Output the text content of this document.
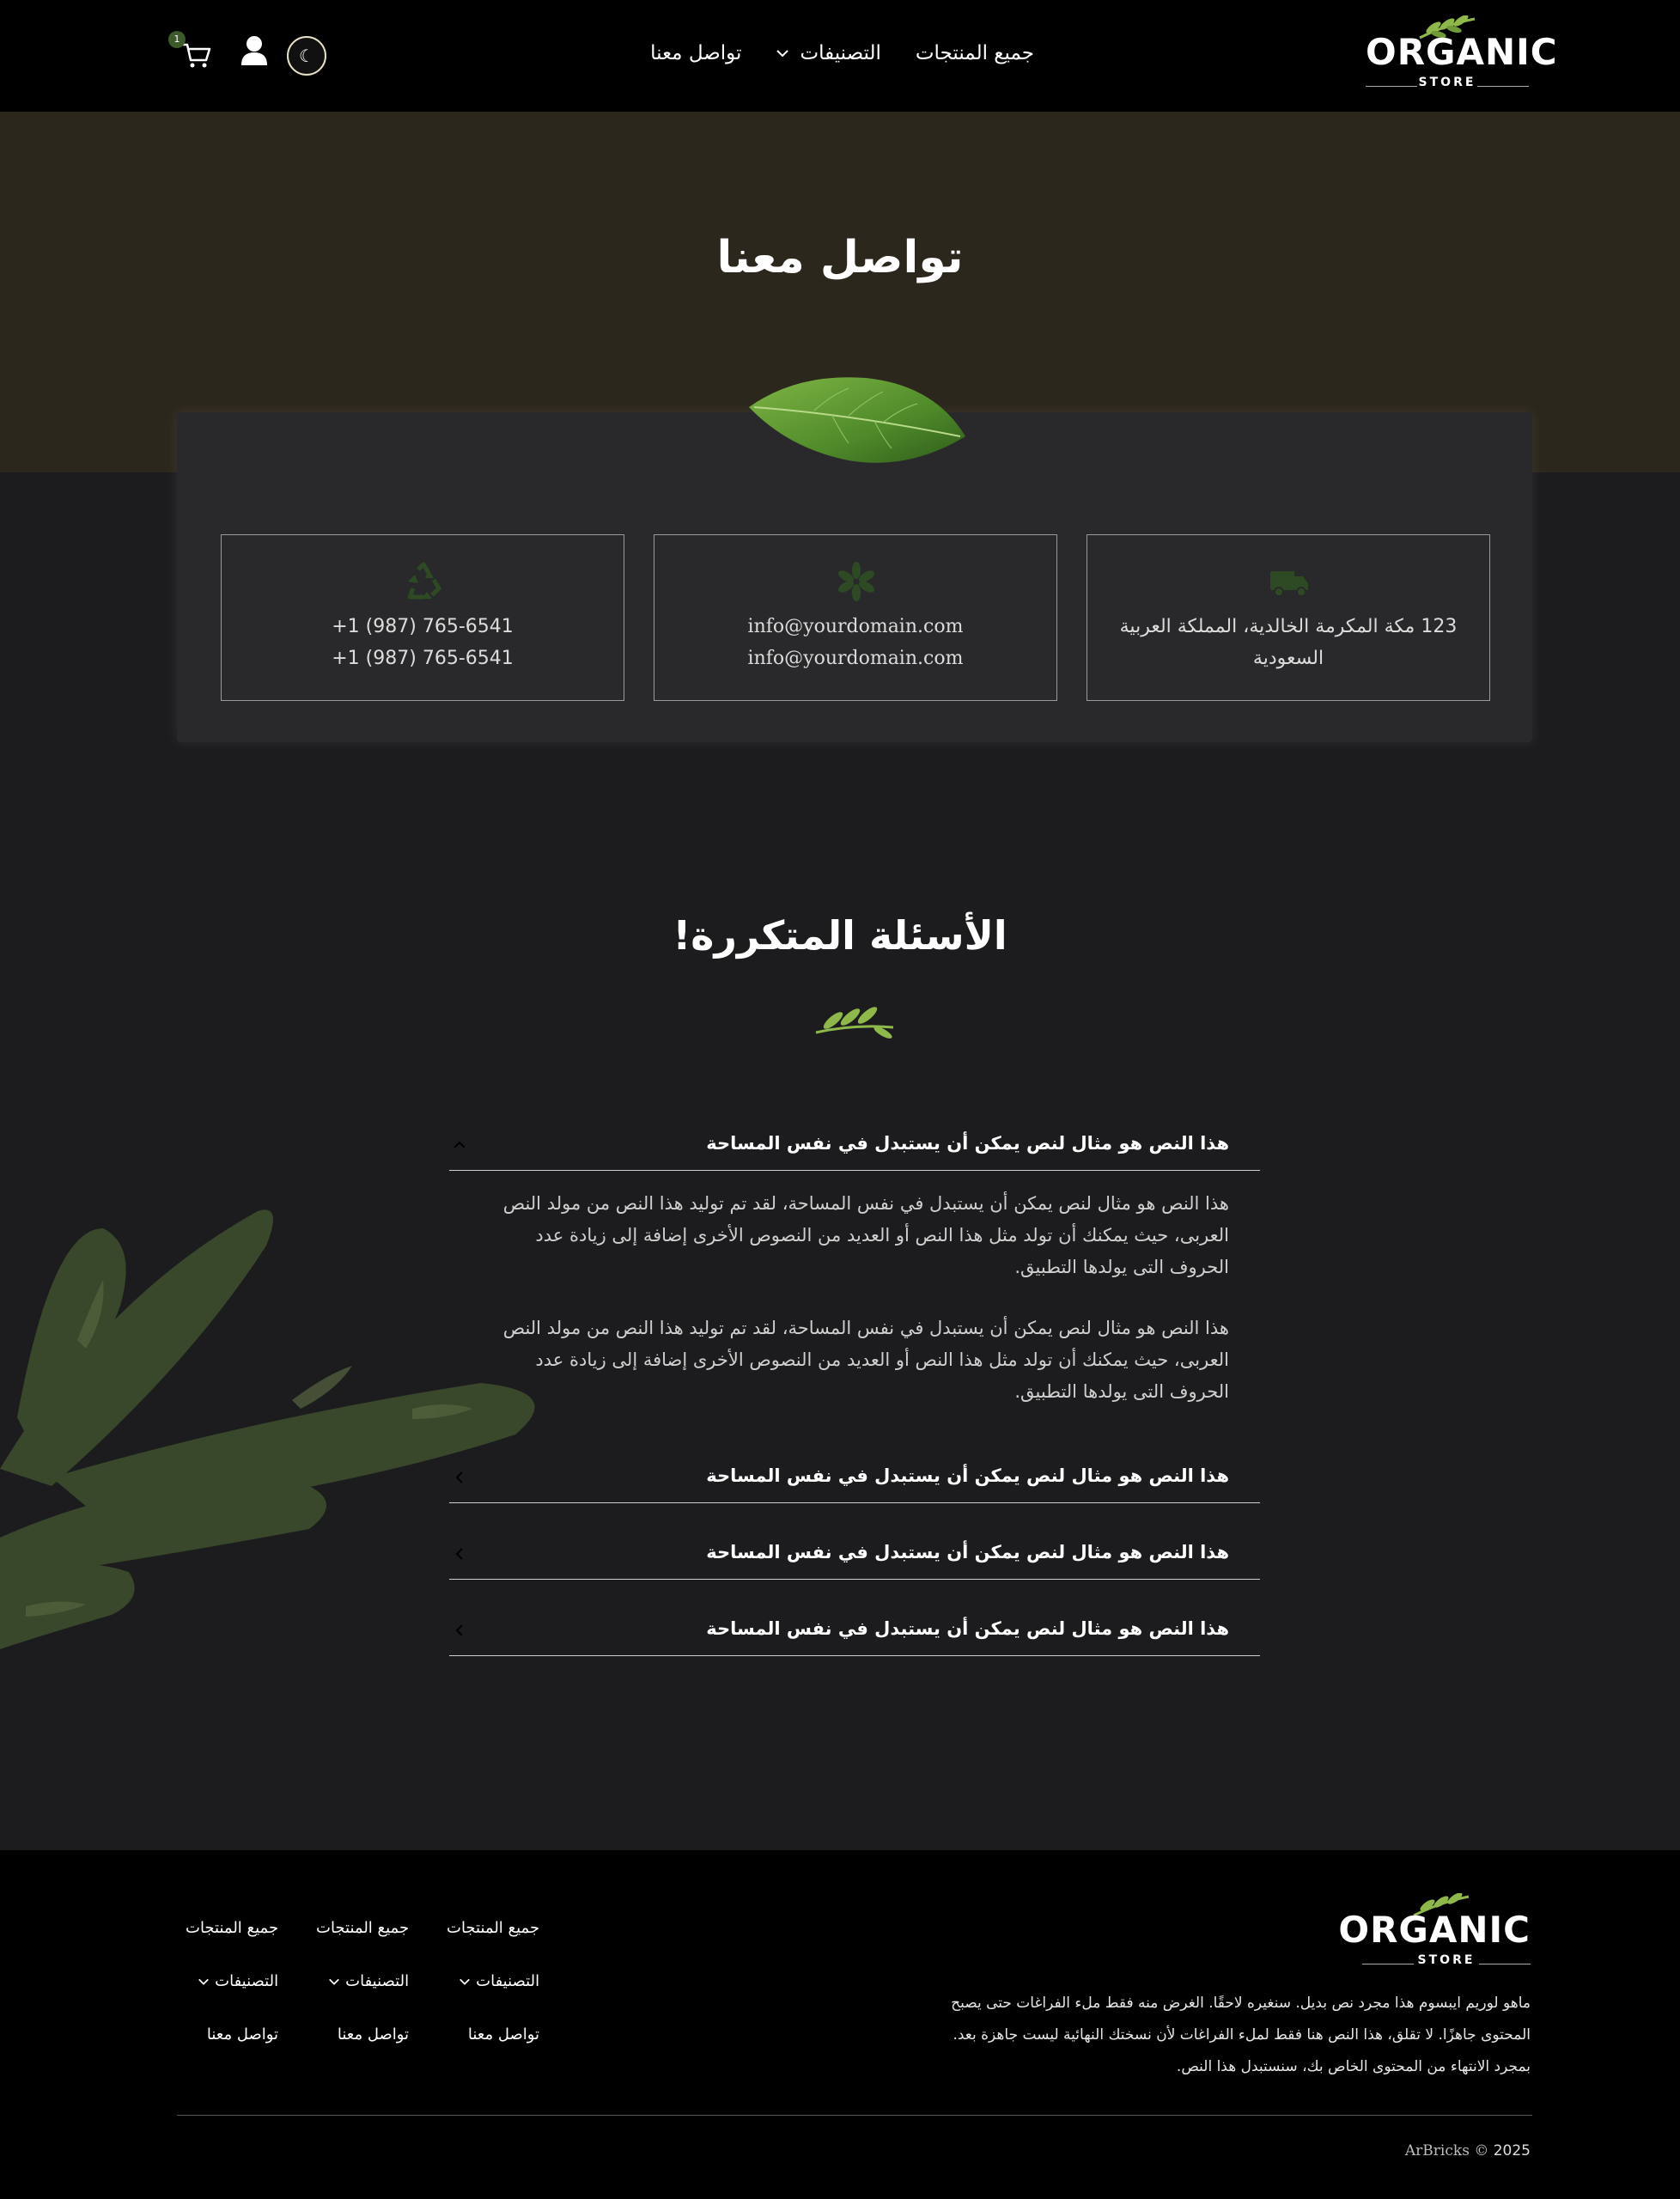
ORGANIC
STORE
جميع المنتجات
التصنيفات
تواصل معنا
1
☾
تواصل معنا
123 مكة المكرمة الخالدية، المملكة العربية
السعودية
info@yourdomain.com
info@yourdomain.com
+1 (987) 765-6541
+1 (987) 765-6541
الأسئلة المتكررة!
هذا النص هو مثال لنص يمكن أن يستبدل في نفس المساحة

هذا النص هو مثال لنص يمكن أن يستبدل في نفس المساحة، لقد تم توليد هذا النص من مولد النص العربى، حيث يمكنك أن تولد مثل هذا النص أو العديد من النصوص الأخرى إضافة إلى زيادة عدد الحروف التى يولدها التطبيق.

هذا النص هو مثال لنص يمكن أن يستبدل في نفس المساحة، لقد تم توليد هذا النص من مولد النص العربى، حيث يمكنك أن تولد مثل هذا النص أو العديد من النصوص الأخرى إضافة إلى زيادة عدد الحروف التى يولدها التطبيق.

هذا النص هو مثال لنص يمكن أن يستبدل في نفس المساحة
هذا النص هو مثال لنص يمكن أن يستبدل في نفس المساحة
هذا النص هو مثال لنص يمكن أن يستبدل في نفس المساحة
ORGANIC
STORE

ماهو لوريم ايبسوم هذا مجرد نص بديل. سنغيره لاحقًا. الغرض منه فقط ملء الفراغات حتى يصبح المحتوى جاهزًا. لا تقلق، هذا النص هنا فقط لملء الفراغات لأن نسختك النهائية ليست جاهزة بعد. بمجرد الانتهاء من المحتوى الخاص بك، سنستبدل هذا النص.

جميع المنتجات
التصنيفات
تواصل معنا
جميع المنتجات
التصنيفات
تواصل معنا
جميع المنتجات
التصنيفات
تواصل معنا
ArBricks © 2025
